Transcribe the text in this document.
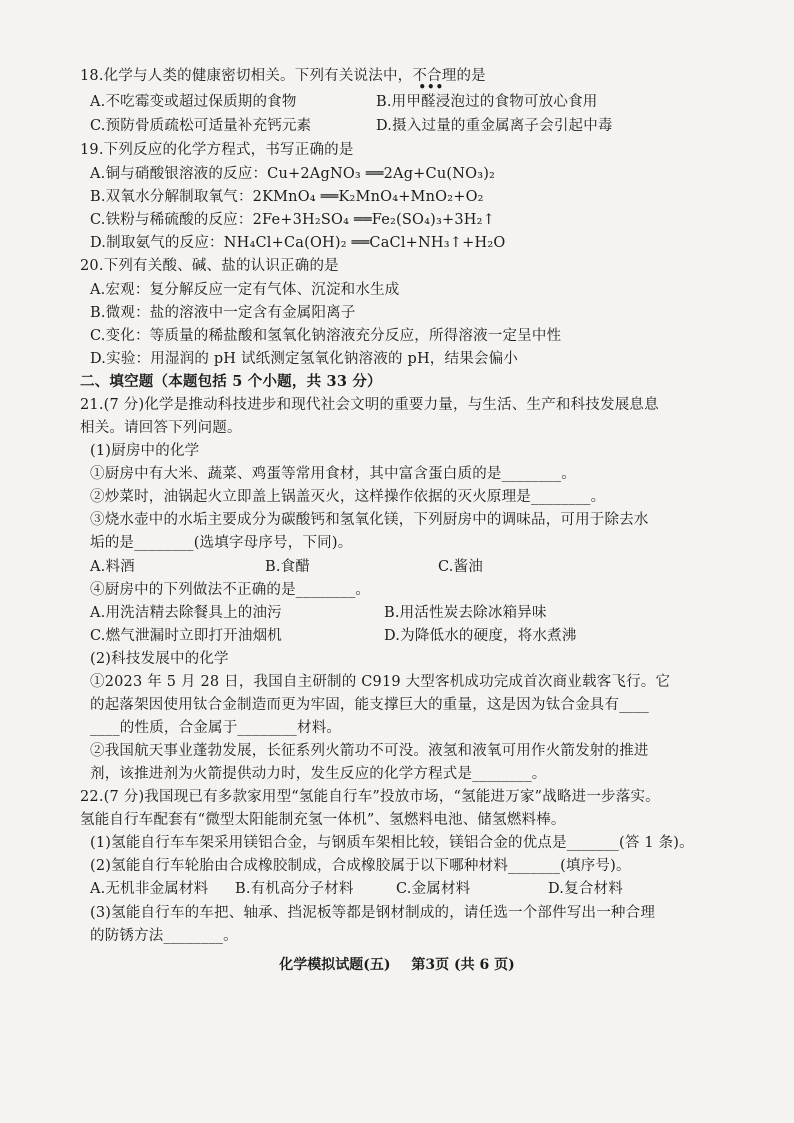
18.化学与人类的健康密切相关。下列有关说法中，不合理的是
•••
A.不吃霉变或超过保质期的食物	B.用甲醛浸泡过的食物可放心食用
C.预防骨质疏松可适量补充钙元素	D.摄入过量的重金属离子会引起中毒
19.下列反应的化学方程式，书写正确的是
A.铜与硝酸银溶液的反应：Cu+2AgNO₃ ══2Ag+Cu(NO₃)₂
B.双氧水分解制取氧气：2KMnO₄ ══K₂MnO₄+MnO₂+O₂
C.铁粉与稀硫酸的反应：2Fe+3H₂SO₄ ══Fe₂(SO₄)₃+3H₂↑
D.制取氨气的反应：NH₄Cl+Ca(OH)₂ ══CaCl+NH₃↑+H₂O
20.下列有关酸、碱、盐的认识正确的是
A.宏观：复分解反应一定有气体、沉淀和水生成
B.微观：盐的溶液中一定含有金属阳离子
C.变化：等质量的稀盐酸和氢氧化钠溶液充分反应，所得溶液一定呈中性
D.实验：用湿润的 pH 试纸测定氢氧化钠溶液的 pH，结果会偏小
二、填空题（本题包括 5 个小题，共 33 分）
21.(7 分)化学是推动科技进步和现代社会文明的重要力量，与生活、生产和科技发展息息
相关。请回答下列问题。
(1)厨房中的化学
①厨房中有大米、蔬菜、鸡蛋等常用食材，其中富含蛋白质的是________。
②炒菜时，油锅起火立即盖上锅盖灭火，这样操作依据的灭火原理是________。
③烧水壶中的水垢主要成分为碳酸钙和氢氧化镁，下列厨房中的调味品，可用于除去水
垢的是________(选填字母序号，下同)。
A.料酒	B.食醋	C.酱油
④厨房中的下列做法不正确的是________。
A.用洗洁精去除餐具上的油污	B.用活性炭去除冰箱异味
C.燃气泄漏时立即打开油烟机	D.为降低水的硬度，将水煮沸
(2)科技发展中的化学
①2023 年 5 月 28 日，我国自主研制的 C919 大型客机成功完成首次商业载客飞行。它
的起落架因使用钛合金制造而更为牢固，能支撑巨大的重量，这是因为钛合金具有____
____的性质，合金属于________材料。
②我国航天事业蓬勃发展，长征系列火箭功不可没。液氢和液氧可用作火箭发射的推进
剂，该推进剂为火箭提供动力时，发生反应的化学方程式是________。
22.(7 分)我国现已有多款家用型“氢能自行车”投放市场，“氢能进万家”战略进一步落实。
氢能自行车配套有“微型太阳能制充氢一体机”、氢燃料电池、储氢燃料棒。
(1)氢能自行车车架采用镁铝合金，与钢质车架相比较，镁铝合金的优点是_______(答 1 条)。
(2)氢能自行车轮胎由合成橡胶制成，合成橡胶属于以下哪种材料_______(填序号)。
A.无机非金属材料 B.有机高分子材料	C.金属材料	D.复合材料
(3)氢能自行车的车把、轴承、挡泥板等都是钢材制成的，请任选一个部件写出一种合理
的防锈方法________。
化学模拟试题(五) 第3页 (共 6 页)
